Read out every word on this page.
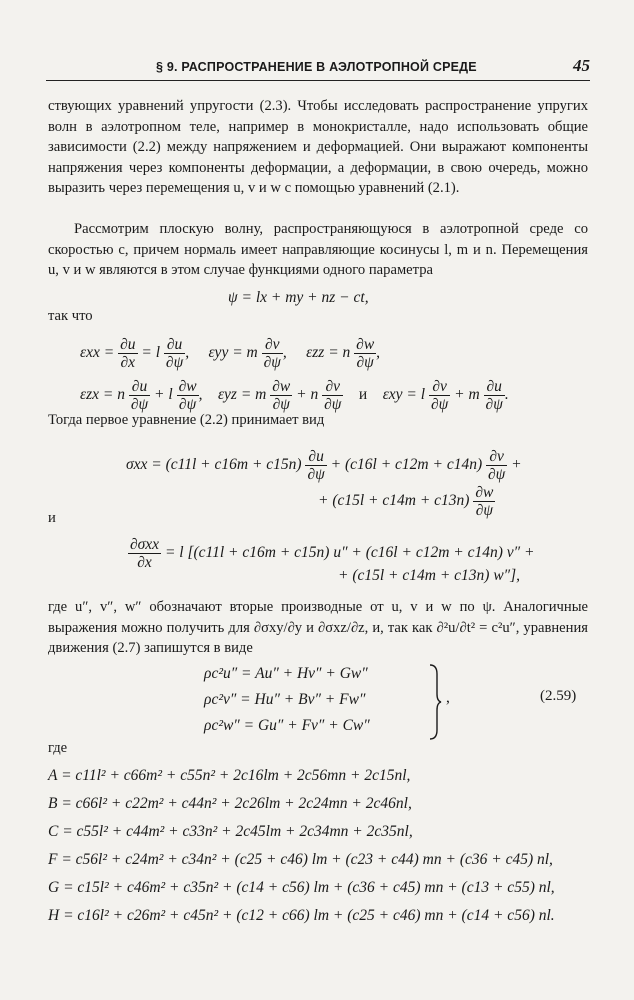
§ 9. РАСПРОСТРАНЕНИЕ В АЭЛОТРОПНОЙ СРЕДЕ	45
ствующих уравнений упругости (2.3). Чтобы исследовать распространение упругих волн в аэлотропном теле, например в монокристалле, надо использовать общие зависимости (2.2) между напряжением и деформацией. Они выражают компоненты напряжения через компоненты деформации, а деформации, в свою очередь, можно выразить через перемещения u, v и w с помощью уравнений (2.1).
Рассмотрим плоскую волну, распространяющуюся в аэлотропной среде со скоростью c, причем нормаль имеет направляющие косинусы l, m и n. Перемещения u, v и w являются в этом случае функциями одного параметра
ψ = lx + my + nz − ct,
так что
$\varepsilon xx = \frac{\partial u}{\partial x} = l \frac{\partial u}{\partial\psi}$ ,     εyy = m $\frac{\partial v}{\partial\psi}$ ,     εzz = n $\frac{\partial w}{\partial\psi}$ ,
εzx = n $\frac{\partial u}{\partial\psi} + l \frac{\partial w}{\partial\psi}$ ,    εyz = m $\frac{\partial w}{\partial\psi} + n \frac{\partial v}{\partial\psi}$ и εxy = l $\frac{\partial v}{\partial\psi} + m \frac{\partial u}{\partial\psi}$ .
Тогда первое уравнение (2.2) принимает вид
$\sigma xx = (c11l + c16m + c15n) \frac{\partial u}{\partial\psi} + (c16l + c12m + c14n) \frac{\partial v}{\partial\psi}$ +
+ $(c15l + c14m + c13n) \frac{\partial w}{\partial\psi}$
и
$\frac{\text{∂σxx}}{\partial x} = l$ [(c11l + c16m + c15n) u″ + (c16l + c12m + c14n) v″ +
+ (c15l + c14m + c13n) w″],
где u″, v″, w″ обозначают вторые производные от u, v и w по ψ. Аналогичные выражения можно получить для ∂σxy/∂y и ∂σxz/∂z, и, так как ∂²u/∂t² = c²u″, уравнения движения (2.7) запишутся в виде
ρc²u″ = Au″ + Hv″ + Gw″
ρc²v″ = Hu″ + Bv″ + Fw″
ρc²w″ = Gu″ + Fv″ + Cw″
,	(2.59)
где
A = c11l² + c66m² + c55n² + 2c16lm + 2c56mn + 2c15nl,
B = c66l² + c22m² + c44n² + 2c26lm + 2c24mn + 2c46nl,
C = c55l² + c44m² + c33n² + 2c45lm + 2c34mn + 2c35nl,
F = c56l² + c24m² + c34n² + (c25 + c46) lm + (c23 + c44) mn + (c36 + c45) nl,
G = c15l² + c46m² + c35n² + (c14 + c56) lm + (c36 + c45) mn + (c13 + c55) nl,
H = c16l² + c26m² + c45n² + (c12 + c66) lm + (c25 + c46) mn + (c14 + c56) nl.
